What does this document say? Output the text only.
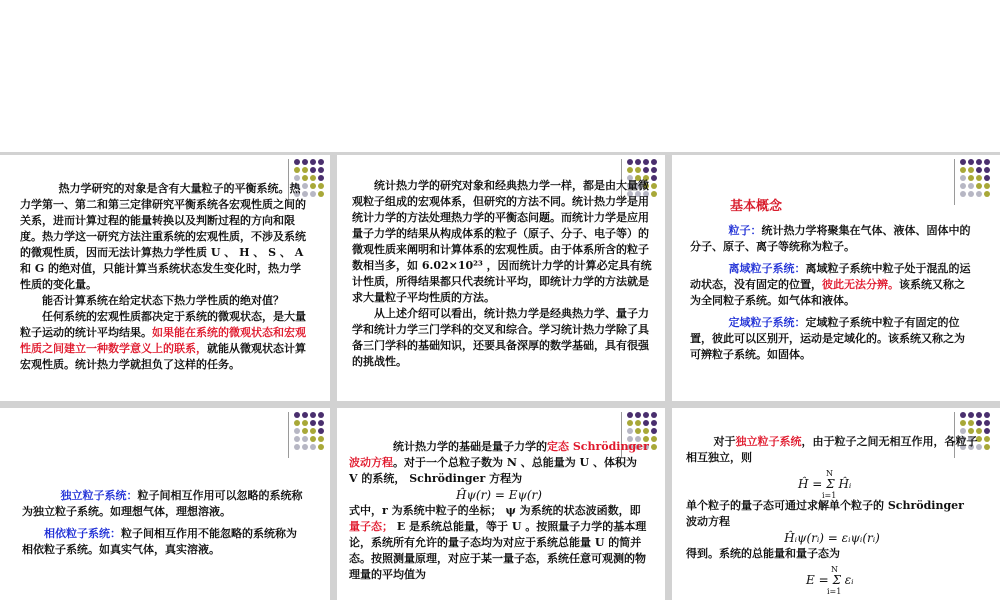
热力学研究的对象是含有大量粒子的平衡系统。热力学第一、第二和第三定律研究平衡系统各宏观性质之间的关系，进而计算过程的能量转换以及判断过程的方向和限度。热力学这一研究方法注重系统的宏观性质，不涉及系统的微观性质，因而无法计算热力学性质 U 、 H 、 S 、 A 和 G 的绝对值，只能计算当系统状态发生变化时，热力学性质的变化量。

能否计算系统在给定状态下热力学性质的绝对值？

任何系统的宏观性质都决定于系统的微观状态，是大量粒子运动的统计平均结果。如果能在系统的微观状态和宏观性质之间建立一种数学意义上的联系，就能从微观状态计算宏观性质。统计热力学就担负了这样的任务。

统计热力学的研究对象和经典热力学一样，都是由大量微观粒子组成的宏观体系，但研究的方法不同。统计热力学是用统计力学的方法处理热力学的平衡态问题。而统计力学是应用量子力学的结果从构成体系的粒子（原子、分子、电子等）的微观性质来阐明和计算体系的宏观性质。由于体系所含的粒子数相当多，如 6.02×10²³ ，因而统计力学的计算必定具有统计性质，所得结果都只代表统计平均，即统计力学的方法就是求大量粒子平均性质的方法。

从上述介绍可以看出，统计热力学是经典热力学、量子力学和统计力学三门学科的交叉和综合。学习统计热力学除了具备三门学科的基础知识，还要具备深厚的数学基础，具有很强的挑战性。

基本概念

粒子：统计热力学将聚集在气体、液体、固体中的分子、原子、离子等统称为粒子。

离域粒子系统：离域粒子系统中粒子处于混乱的运动状态，没有固定的位置，彼此无法分辨。该系统又称之为全同粒子系统。如气体和液体。

定域粒子系统：定域粒子系统中粒子有固定的位置，彼此可以区别开，运动是定域化的。该系统又称之为可辨粒子系统。如固体。

独立粒子系统：粒子间相互作用可以忽略的系统称为独立粒子系统。如理想气体，理想溶液。

相依粒子系统：粒子间相互作用不能忽略的系统称为相依粒子系统。如真实气体，真实溶液。

统计热力学的基础是量子力学的定态 Schrödinger 波动方程。对于一个总粒子数为 N 、总能量为 U 、体积为 V 的系统， Schrödinger 方程为

Ĥψ(r) = Eψ(r)

式中，r 为系统中粒子的坐标； ψ 为系统的状态波函数，即量子态； E 是系统总能量，等于 U 。按照量子力学的基本理论，系统所有允许的量子态均为对应于系统总能量 U 的简并态。按照测量原理，对应于某一量子态，系统任意可观测的物理量的平均值为

对于独立粒子系统，由于粒子之间无相互作用，各粒子相互独立，则

N
Ĥ = Σ Ĥᵢ
i=1

单个粒子的量子态可通过求解单个粒子的 Schrödinger 波动方程

Ĥᵢψ(rᵢ) = εᵢψᵢ(rᵢ)

得到。系统的总能量和量子态为

N
E = Σ εᵢ
i=1
